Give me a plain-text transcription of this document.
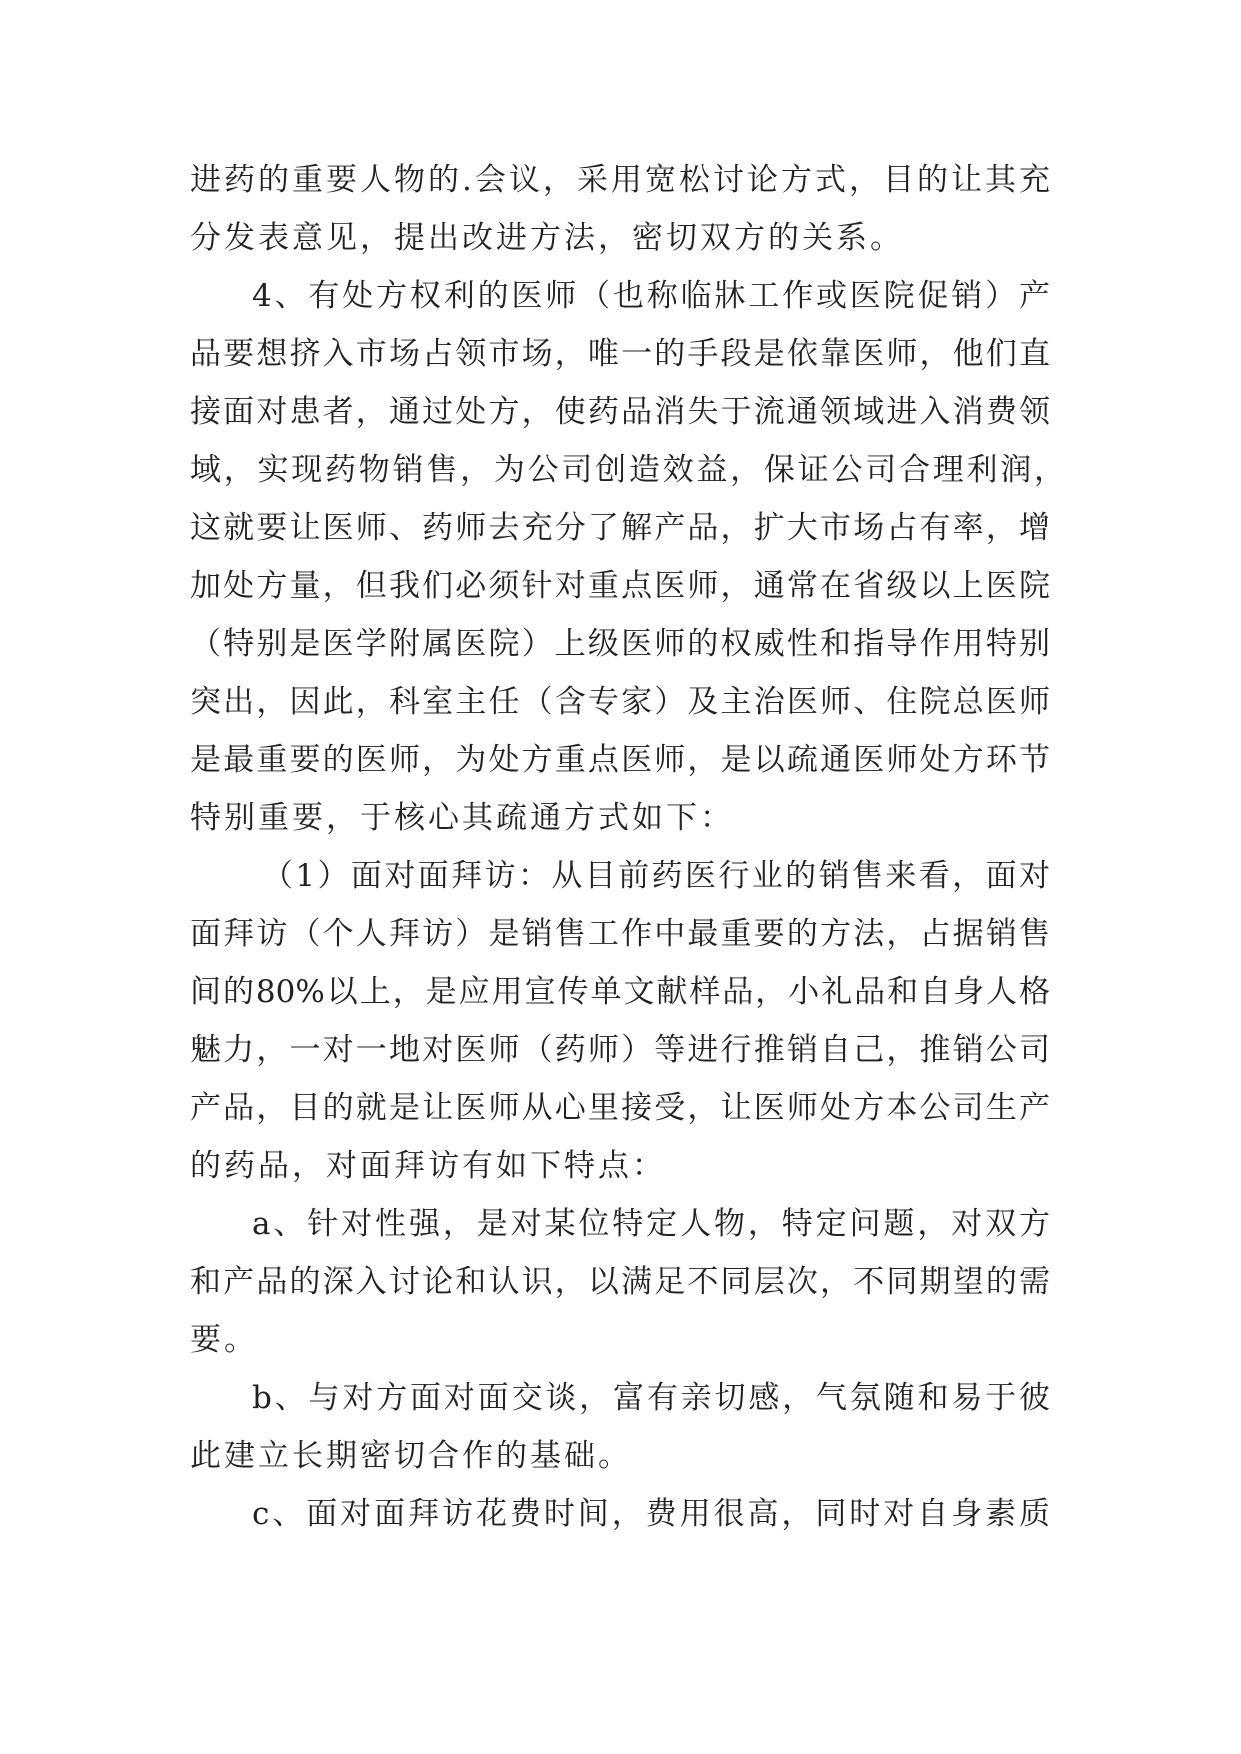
进药的重要人物的.会议，采用宽松讨论方式，目的让其充
分发表意见，提出改进方法，密切双方的关系。
4、有处方权利的医师（也称临牀工作或医院促销）产
品要想挤入市场占领市场，唯一的手段是依靠医师，他们直
接面对患者，通过处方，使药品消失于流通领域进入消费领
域，实现药物销售，为公司创造效益，保证公司合理利润，
这就要让医师、药师去充分了解产品，扩大市场占有率，增
加处方量，但我们必须针对重点医师，通常在省级以上医院
（特别是医学附属医院）上级医师的权威性和指导作用特别
突出，因此，科室主任（含专家）及主治医师、住院总医师
是最重要的医师，为处方重点医师，是以疏通医师处方环节
特别重要，于核心其疏通方式如下：
（1）面对面拜访：从目前药医行业的销售来看，面对
面拜访（个人拜访）是销售工作中最重要的方法，占据销售
间的80%以上，是应用宣传单文献样品，小礼品和自身人格
魅力，一对一地对医师（药师）等进行推销自己，推销公司
产品，目的就是让医师从心里接受，让医师处方本公司生产
的药品，对面拜访有如下特点：
a、针对性强，是对某位特定人物，特定问题，对双方
和产品的深入讨论和认识，以满足不同层次，不同期望的需
要。
b、与对方面对面交谈，富有亲切感，气氛随和易于彼
此建立长期密切合作的基础。
c、面对面拜访花费时间，费用很高，同时对自身素质
